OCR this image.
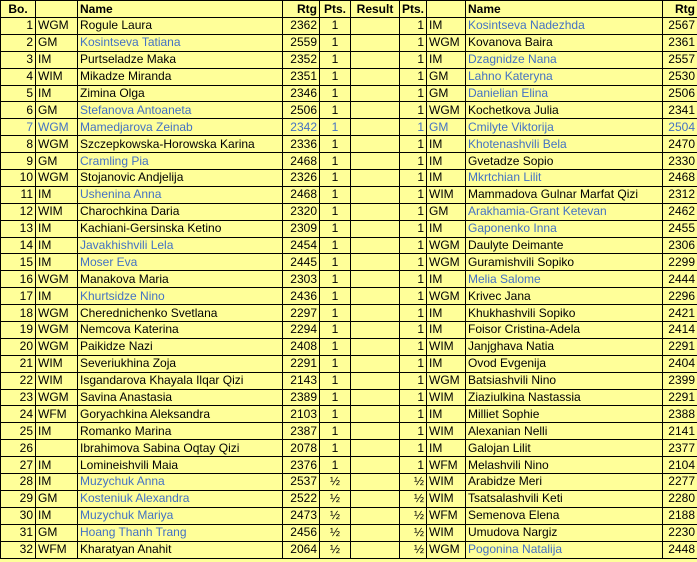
Bo.		Name	Rtg	Pts.	Result	Pts.		Name	Rtg
1	WGM	Rogule Laura	2362	1		1	IM	Kosintseva Nadezhda	2567
2	GM	Kosintseva Tatiana	2559	1		1	WGM	Kovanova Baira	2361
3	IM	Purtseladze Maka	2352	1		1	IM	Dzagnidze Nana	2557
4	WIM	Mikadze Miranda	2351	1		1	GM	Lahno Kateryna	2530
5	IM	Zimina Olga	2346	1		1	GM	Danielian Elina	2506
6	GM	Stefanova Antoaneta	2506	1		1	WGM	Kochetkova Julia	2341
7	WGM	Mamedjarova Zeinab	2342	1		1	GM	Cmilyte Viktorija	2504
8	WGM	Szczepkowska-Horowska Karina	2336	1		1	IM	Khotenashvili Bela	2470
9	GM	Cramling Pia	2468	1		1	IM	Gvetadze Sopio	2330
10	WGM	Stojanovic Andjelija	2326	1		1	IM	Mkrtchian Lilit	2468
11	IM	Ushenina Anna	2468	1		1	WIM	Mammadova Gulnar Marfat Qizi	2312
12	WIM	Charochkina Daria	2320	1		1	GM	Arakhamia-Grant Ketevan	2462
13	IM	Kachiani-Gersinska Ketino	2309	1		1	IM	Gaponenko Inna	2455
14	IM	Javakhishvili Lela	2454	1		1	WGM	Daulyte Deimante	2306
15	IM	Moser Eva	2445	1		1	WGM	Guramishvili Sopiko	2299
16	WGM	Manakova Maria	2303	1		1	IM	Melia Salome	2444
17	IM	Khurtsidze Nino	2436	1		1	WGM	Krivec Jana	2296
18	WGM	Cherednichenko Svetlana	2297	1		1	IM	Khukhashvili Sopiko	2421
19	WGM	Nemcova Katerina	2294	1		1	IM	Foisor Cristina-Adela	2414
20	WGM	Paikidze Nazi	2408	1		1	WIM	Janjghava Natia	2291
21	WIM	Severiukhina Zoja	2291	1		1	IM	Ovod Evgenija	2404
22	WIM	Isgandarova Khayala Ilqar Qizi	2143	1		1	WGM	Batsiashvili Nino	2399
23	WGM	Savina Anastasia	2389	1		1	WIM	Ziaziulkina Nastassia	2291
24	WFM	Goryachkina Aleksandra	2103	1		1	IM	Milliet Sophie	2388
25	IM	Romanko Marina	2387	1		1	WIM	Alexanian Nelli	2141
26		Ibrahimova Sabina Oqtay Qizi	2078	1		1	IM	Galojan Lilit	2377
27	IM	Lomineishvili Maia	2376	1		1	WFM	Melashvili Nino	2104
28	IM	Muzychuk Anna	2537	½		½	WIM	Arabidze Meri	2277
29	GM	Kosteniuk Alexandra	2522	½		½	WIM	Tsatsalashvili Keti	2280
30	IM	Muzychuk Mariya	2473	½		½	WFM	Semenova Elena	2188
31	GM	Hoang Thanh Trang	2456	½		½	WIM	Umudova Nargiz	2230
32	WFM	Kharatyan Anahit	2064	½		½	WGM	Pogonina Natalija	2448
